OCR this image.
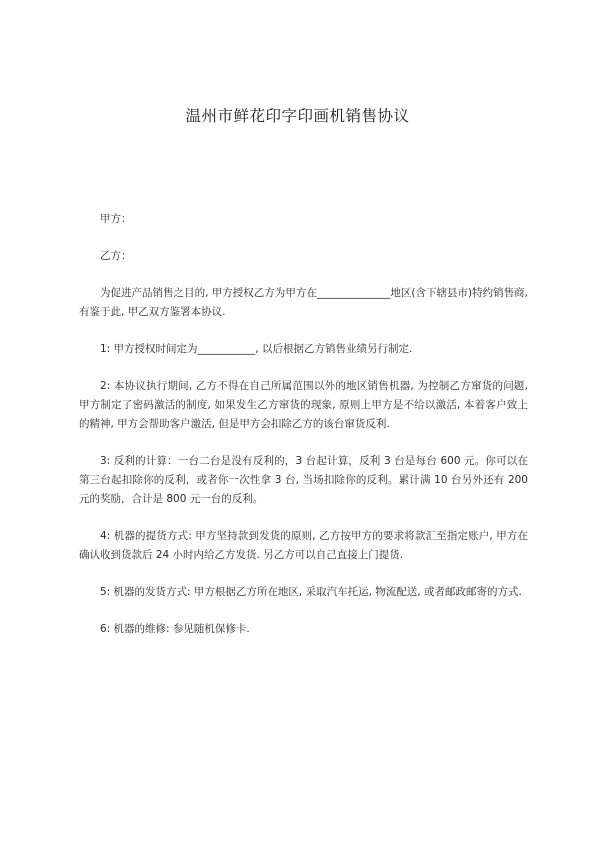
温州市鲜花印字印画机销售协议

甲方：

乙方：

为促进产品销售之目的, 甲方授权乙方为甲方在______________地区(含下辖县市)特约销售商, 有鉴于此, 甲乙双方鉴署本协议.

1: 甲方授权时间定为___________, 以后根据乙方销售业绩另行制定.

2: 本协议执行期间, 乙方不得在自己所属范围以外的地区销售机器, 为控制乙方窜货的问题, 甲方制定了密码激活的制度, 如果发生乙方窜货的现象, 原则上甲方是不给以激活, 本着客户致上的精神, 甲方会帮助客户激活, 但是甲方会扣除乙方的该台窜货反利.

3: 反利的计算：一台二台是没有反利的，3 台起计算，反利 3 台是每台 600 元。你可以在第三台起扣除你的反利，或者你一次性拿 3 台, 当场扣除你的反利。累计满 10 台另外还有 200 元的奖励，合计是 800 元一台的反利。

4: 机器的提货方式: 甲方坚持款到发货的原则, 乙方按甲方的要求将款汇至指定账户, 甲方在确认收到货款后 24 小时内给乙方发货. 另乙方可以自己直接上门提货.

5: 机器的发货方式: 甲方根据乙方所在地区, 采取汽车托运, 物流配送, 或者邮政邮寄的方式.

6: 机器的维修: 参见随机保修卡.
